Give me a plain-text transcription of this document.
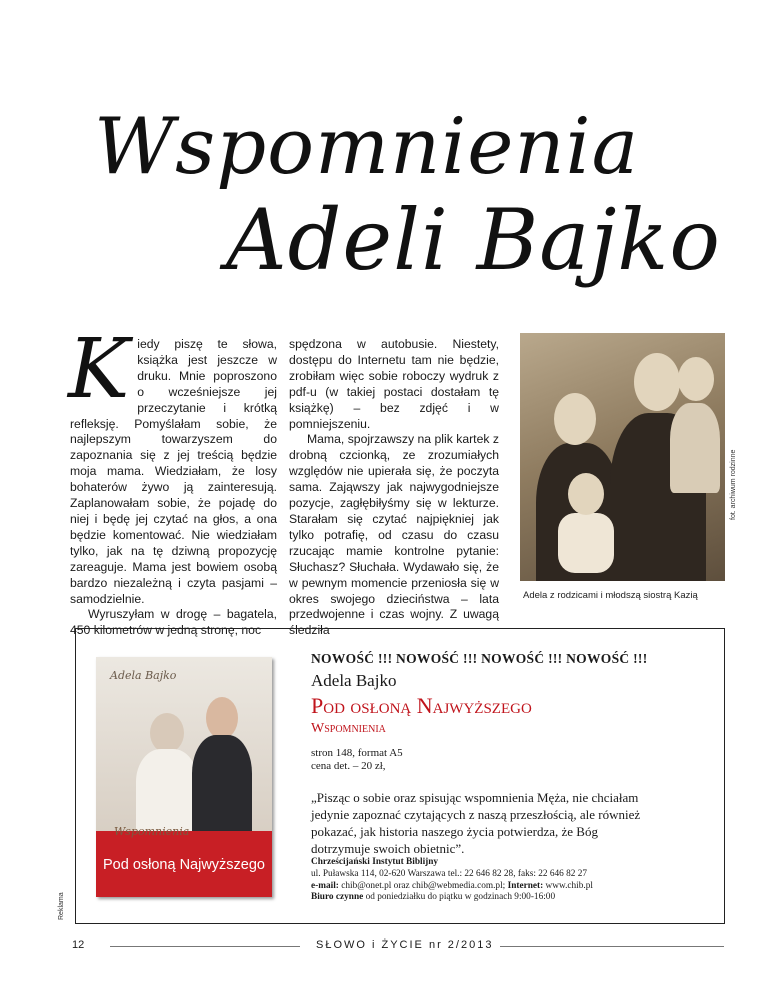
Wspomnienia
Adeli Bajko
K iedy piszę te słowa, książka jest jeszcze w druku. Mnie poproszono o wcześniejsze jej przeczytanie i krótką refleksję. Pomyślałam sobie, że najlepszym towarzyszem do zapoznania się z jej treścią będzie moja mama. Wiedziałam, że losy bohaterów żywo ją zainteresują. Zaplanowałam sobie, że pojadę do niej i będę jej czytać na głos, a ona będzie komentować. Nie wiedziałam tylko, jak na tę dziwną propozycję zareaguje. Mama jest bowiem osobą bardzo niezależną i czyta pasjami – samodzielnie.

Wyruszyłam w drogę – bagatela, 450 kilometrów w jedną stronę, noc

spędzona w autobusie. Niestety, dostępu do Internetu tam nie będzie, zrobiłam więc sobie roboczy wydruk z pdf-u (w takiej postaci dostałam tę książkę) – bez zdjęć i w pomniejszeniu.

Mama, spojrzawszy na plik kartek z drobną czcionką, ze zrozumiałych względów nie upierała się, że poczyta sama. Zająwszy jak najwygodniejsze pozycje, zagłębiłyśmy się w lekturze. Starałam się czytać najpiękniej jak tylko potrafię, od czasu do czasu rzucając mamie kontrolne pytanie: Słuchasz? Słuchała. Wydawało się, że w pewnym momencie przeniosła się w okres swojego dzieciństwa – lata przedwojenne i czas wojny. Z uwagą śledziła

fot. archiwum rodzinne
Adela z rodzicami i młodszą siostrą Kazią
Adela Bajko
Wspomnienia
Pod osłoną Najwyższego
NOWOŚĆ !!! NOWOŚĆ !!! NOWOŚĆ !!! NOWOŚĆ !!!
Adela Bajko
Pod osłoną Najwyższego
Wspomnienia
stron 148, format A5
cena det. – 20 zł,
„Pisząc o sobie oraz spisując wspomnienia Męża, nie chciałam
jedynie zapoznać czytających z naszą przeszłością, ale również
pokazać, jak historia naszego życia potwierdza, że Bóg
dotrzymuje swoich obietnic”.
Chrześcijański Instytut Biblijny
ul. Puławska 114, 02-620 Warszawa tel.: 22 646 82 28, faks: 22 646 82 27
e-mail: chib@onet.pl oraz chib@webmedia.com.pl; Internet: www.chib.pl
Biuro czynne od poniedziałku do piątku w godzinach 9:00-16:00
Reklama
12	SŁOWO i ŻYCIE nr 2/2013
